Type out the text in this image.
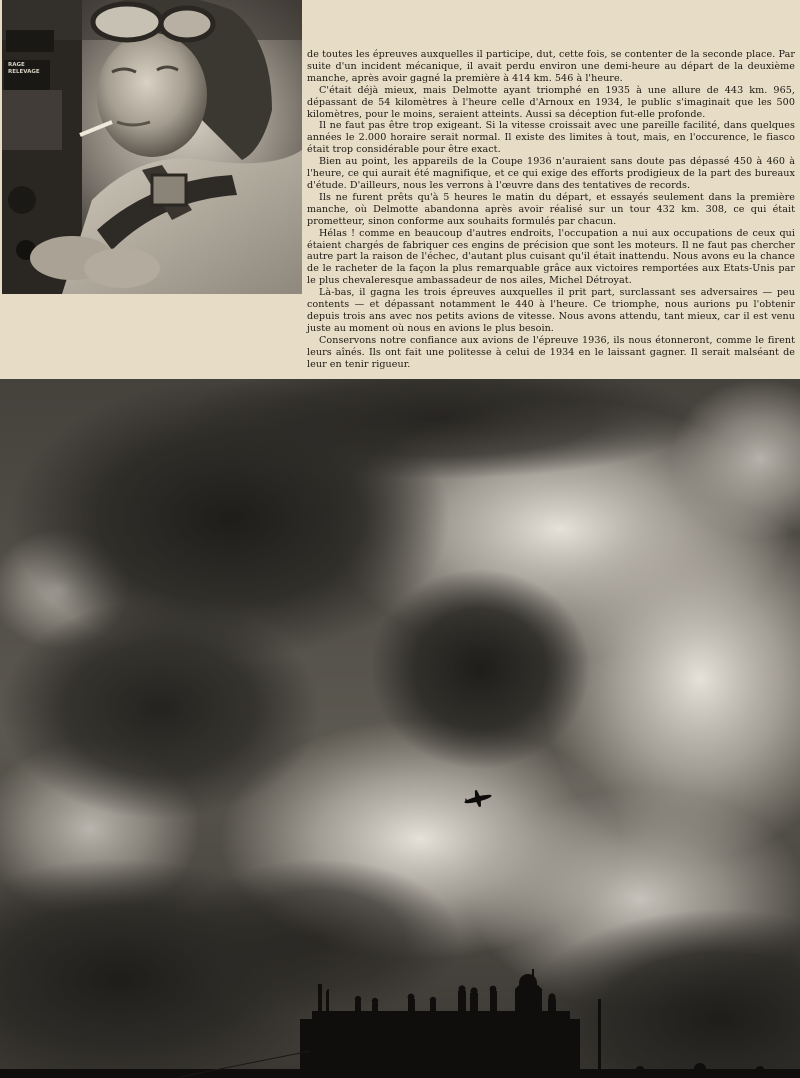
RAGE
RELEVAGE

de toutes les épreuves auxquelles il participe, dut, cette fois, se contenter de la seconde place. Par suite d'un incident mécanique, il avait perdu environ une demi-heure au départ de la deuxième manche, après avoir gagné la première à 414 km. 546 à l'heure.

C'était déjà mieux, mais Delmotte ayant triomphé en 1935 à une allure de 443 km. 965, dépassant de 54 kilomètres à l'heure celle d'Arnoux en 1934, le public s'imaginait que les 500 kilomètres, pour le moins, seraient atteints. Aussi sa déception fut-elle profonde.

Il ne faut pas être trop exigeant. Si la vitesse croissait avec une pareille facilité, dans quelques années le 2.000 horaire serait normal. Il existe des limites à tout, mais, en l'occurence, le fiasco était trop considérable pour être exact.

Bien au point, les appareils de la Coupe 1936 n'auraient sans doute pas dépassé 450 à 460 à l'heure, ce qui aurait été magnifique, et ce qui exige des efforts prodigieux de la part des bureaux d'étude. D'ailleurs, nous les verrons à l'œuvre dans des tentatives de records.

Ils ne furent prêts qu'à 5 heures le matin du départ, et essayés seulement dans la première manche, où Delmotte abandonna après avoir réalisé sur un tour 432 km. 308, ce qui était prometteur, sinon conforme aux souhaits formulés par chacun.

Hélas ! comme en beaucoup d'autres endroits, l'occupation a nui aux occupations de ceux qui étaient chargés de fabriquer ces engins de précision que sont les moteurs. Il ne faut pas chercher autre part la raison de l'échec, d'autant plus cuisant qu'il était inattendu. Nous avons eu la chance de le racheter de la façon la plus remarquable grâce aux victoires remportées aux Etats-Unis par le plus chevaleresque ambassadeur de nos ailes, Michel Détroyat.

Là-bas, il gagna les trois épreuves auxquelles il prit part, surclassant ses adversaires — peu contents — et dépassant notamment le 440 à l'heure. Ce triomphe, nous aurions pu l'obtenir depuis trois ans avec nos petits avions de vitesse. Nous avons attendu, tant mieux, car il est venu juste au moment où nous en avions le plus besoin.

Conservons notre confiance aux avions de l'épreuve 1936, ils nous étonneront, comme le firent leurs aînés. Ils ont fait une politesse à celui de 1934 en le laissant gagner. Il serait malséant de leur en tenir rigueur.
